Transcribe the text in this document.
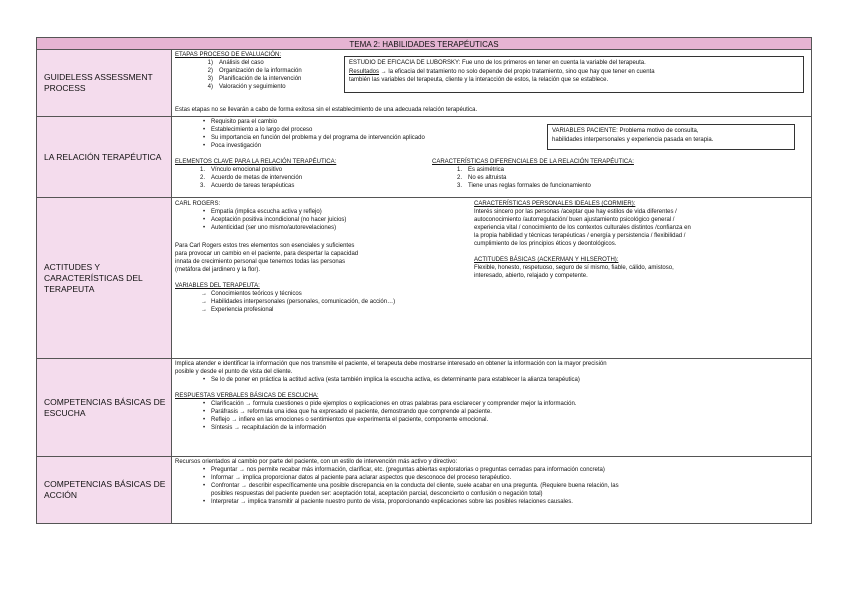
TEMA 2: HABILIDADES TERAPÉUTICAS
GUIDELESS ASSESSMENT PROCESS
ETAPAS PROCESO DE EVALUACIÓN:
1) Análisis del caso
2) Organización de la información
3) Planificación de la intervención
4) Valoración y seguimiento
Estas etapas no se llevarán a cabo de forma exitosa sin el establecimiento de una adecuada relación terapéutica.
ESTUDIO DE EFICACIA DE LUBORSKY: Fue uno de los primeros en tener en cuenta la variable del terapeuta.
Resultados → la eficacia del tratamiento no solo depende del propio tratamiento, sino que hay que tener en cuenta
también las variables del terapeuta, cliente y la interacción de estos, la relación que se establece.
LA RELACIÓN TERAPÉUTICA
• Requisito para el cambio
• Establecimiento a lo largo del proceso
• Su importancia en función del problema y del programa de intervención aplicado
• Poca investigación
VARIABLES PACIENTE: Problema motivo de consulta,
habilidades interpersonales y experiencia pasada en terapia.
ELEMENTOS CLAVE PARA LA RELACIÓN TERAPÉUTICA:
1. Vínculo emocional positivo
2. Acuerdo de metas de intervención
3. Acuerdo de tareas terapéuticas
CARACTERÍSTICAS DIFERENCIALES DE LA RELACIÓN TERAPÉUTICA:
1. Es asimétrica
2. No es altruista
3. Tiene unas reglas formales de funcionamiento
ACTITUDES Y CARACTERÍSTICAS DEL TERAPEUTA
CARL ROGERS:
• Empatía (implica escucha activa y reflejo)
• Aceptación positiva incondicional (no hacer juicios)
• Autenticidad (ser uno mismo/autorevelaciones)
Para Carl Rogers estos tres elementos son esenciales y suficientes
para provocar un cambio en el paciente, para despertar la capacidad
innata de crecimiento personal que tenemos todas las personas
(metáfora del jardinero y la flor).
VARIABLES DEL TERAPEUTA:
→ Conocimientos teóricos y técnicos
→ Habilidades interpersonales (personales, comunicación, de acción…)
→ Experiencia profesional
CARACTERÍSTICAS PERSONALES IDEALES (CORMIER):
Interés sincero por las personas /aceptar que hay estilos de vida diferentes /
autoconocimiento /autorregulación/ buen ajustamiento psicológico general /
experiencia vital / conocimiento de los contextos culturales distintos /confianza en
la propia habilidad y técnicas terapéuticas / energía y persistencia / flexibilidad /
cumplimiento de los principios éticos y deontológicos.
ACTITUDES BÁSICAS (ACKERMAN Y HILSEROTH):
Flexible, honesto, respetuoso, seguro de sí mismo, fiable, cálido, amistoso,
interesado, abierto, relajado y competente.
COMPETENCIAS BÁSICAS DE ESCUCHA
Implica atender e identificar la información que nos transmite el paciente, el terapeuta debe mostrarse interesado en obtener la información con la mayor precisión
posible y desde el punto de vista del cliente.
• Se lo de poner en práctica la actitud activa (esta también implica la escucha activa, es determinante para establecer la alianza terapéutica)
RESPUESTAS VERBALES BÁSICAS DE ESCUCHA:
• Clarificación → formula cuestiones o pide ejemplos o explicaciones en otras palabras para esclarecer y comprender mejor la información.
• Paráfrasis → reformula una idea que ha expresado el paciente, demostrando que comprende al paciente.
• Reflejo → infiere en las emociones o sentimientos que experimenta el paciente, componente emocional.
• Síntesis → recapitulación de la información
COMPETENCIAS BÁSICAS DE ACCIÓN
Recursos orientados al cambio por parte del paciente, con un estilo de intervención más activo y directivo:
• Preguntar → nos permite recabar más información, clarificar, etc. (preguntas abiertas exploratorias o preguntas cerradas para información concreta)
• Informar → implica proporcionar datos al paciente para aclarar aspectos que desconoce del proceso terapéutico.
• Confrontar → describir específicamente una posible discrepancia en la conducta del cliente, suele acabar en una pregunta. (Requiere buena relación, las
posibles respuestas del paciente pueden ser: aceptación total, aceptación parcial, desconcierto o confusión o negación total)
• Interpretar → implica transmitir al paciente nuestro punto de vista, proporcionando explicaciones sobre las posibles relaciones causales.
